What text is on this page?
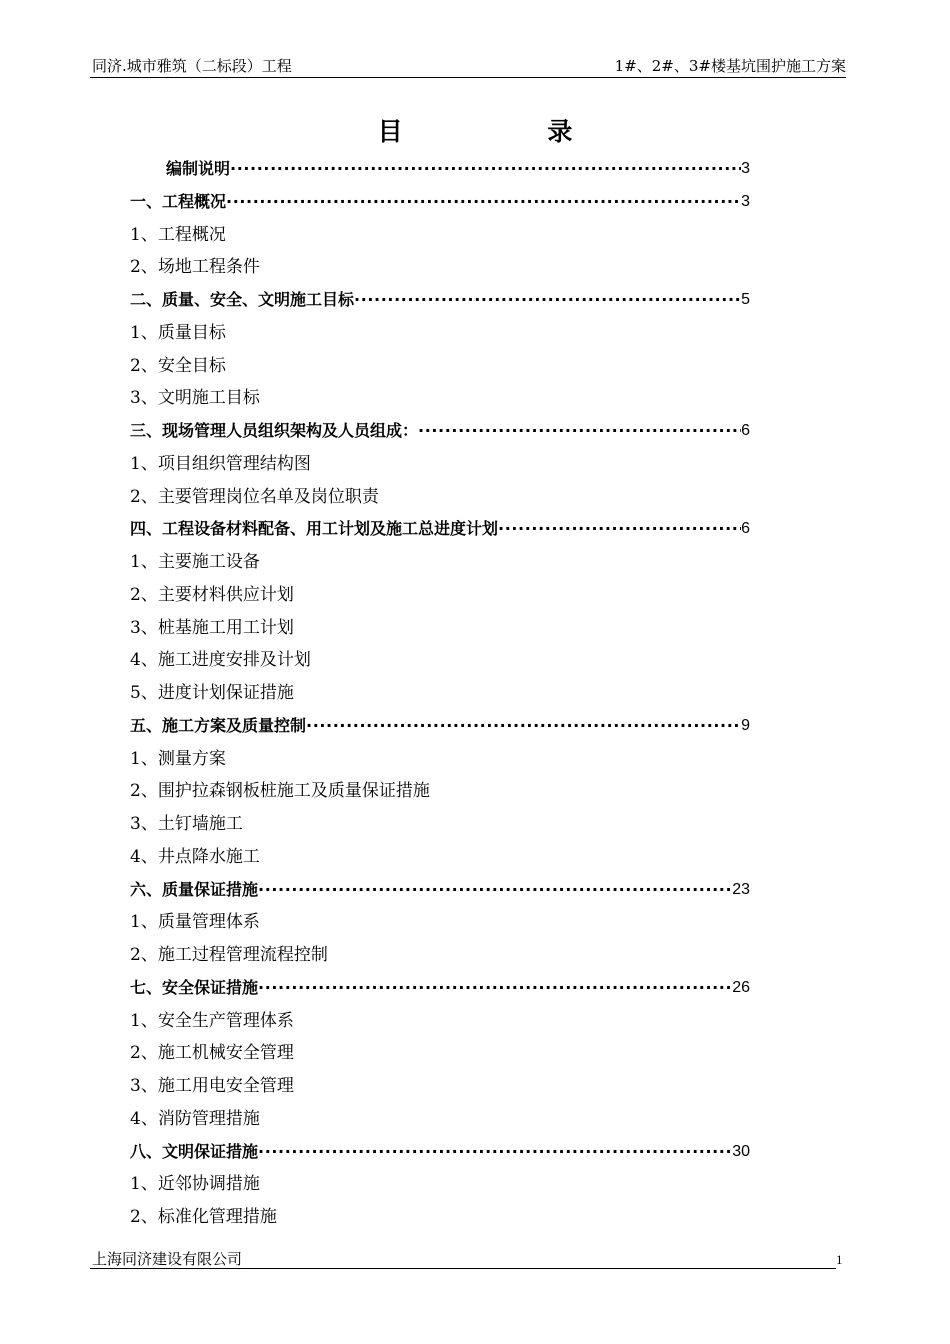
同济.城市雅筑（二标段）工程	1#、2#、3#楼基坑围护施工方案
目 录
编制说明 ·····	3
一、工程概况 ·····	3
1、工程概况
2、场地工程条件
二、质量、安全、文明施工目标 ·····	5
1、质量目标
2、安全目标
3、文明施工目标
三、现场管理人员组织架构及人员组成： ·····	6
1、项目组织管理结构图
2、主要管理岗位名单及岗位职责
四、工程设备材料配备、用工计划及施工总进度计划 ·····	6
1、主要施工设备
2、主要材料供应计划
3、桩基施工用工计划
4、施工进度安排及计划
5、进度计划保证措施
五、施工方案及质量控制 ·····	9
1、测量方案
2、围护拉森钢板桩施工及质量保证措施
3、土钉墙施工
4、井点降水施工
六、质量保证措施 ·····	23
1、质量管理体系
2、施工过程管理流程控制
七、安全保证措施 ·····	26
1、安全生产管理体系
2、施工机械安全管理
3、施工用电安全管理
4、消防管理措施
八、文明保证措施 ·····	30
1、近邻协调措施
2、标准化管理措施
上海同济建设有限公司	1
